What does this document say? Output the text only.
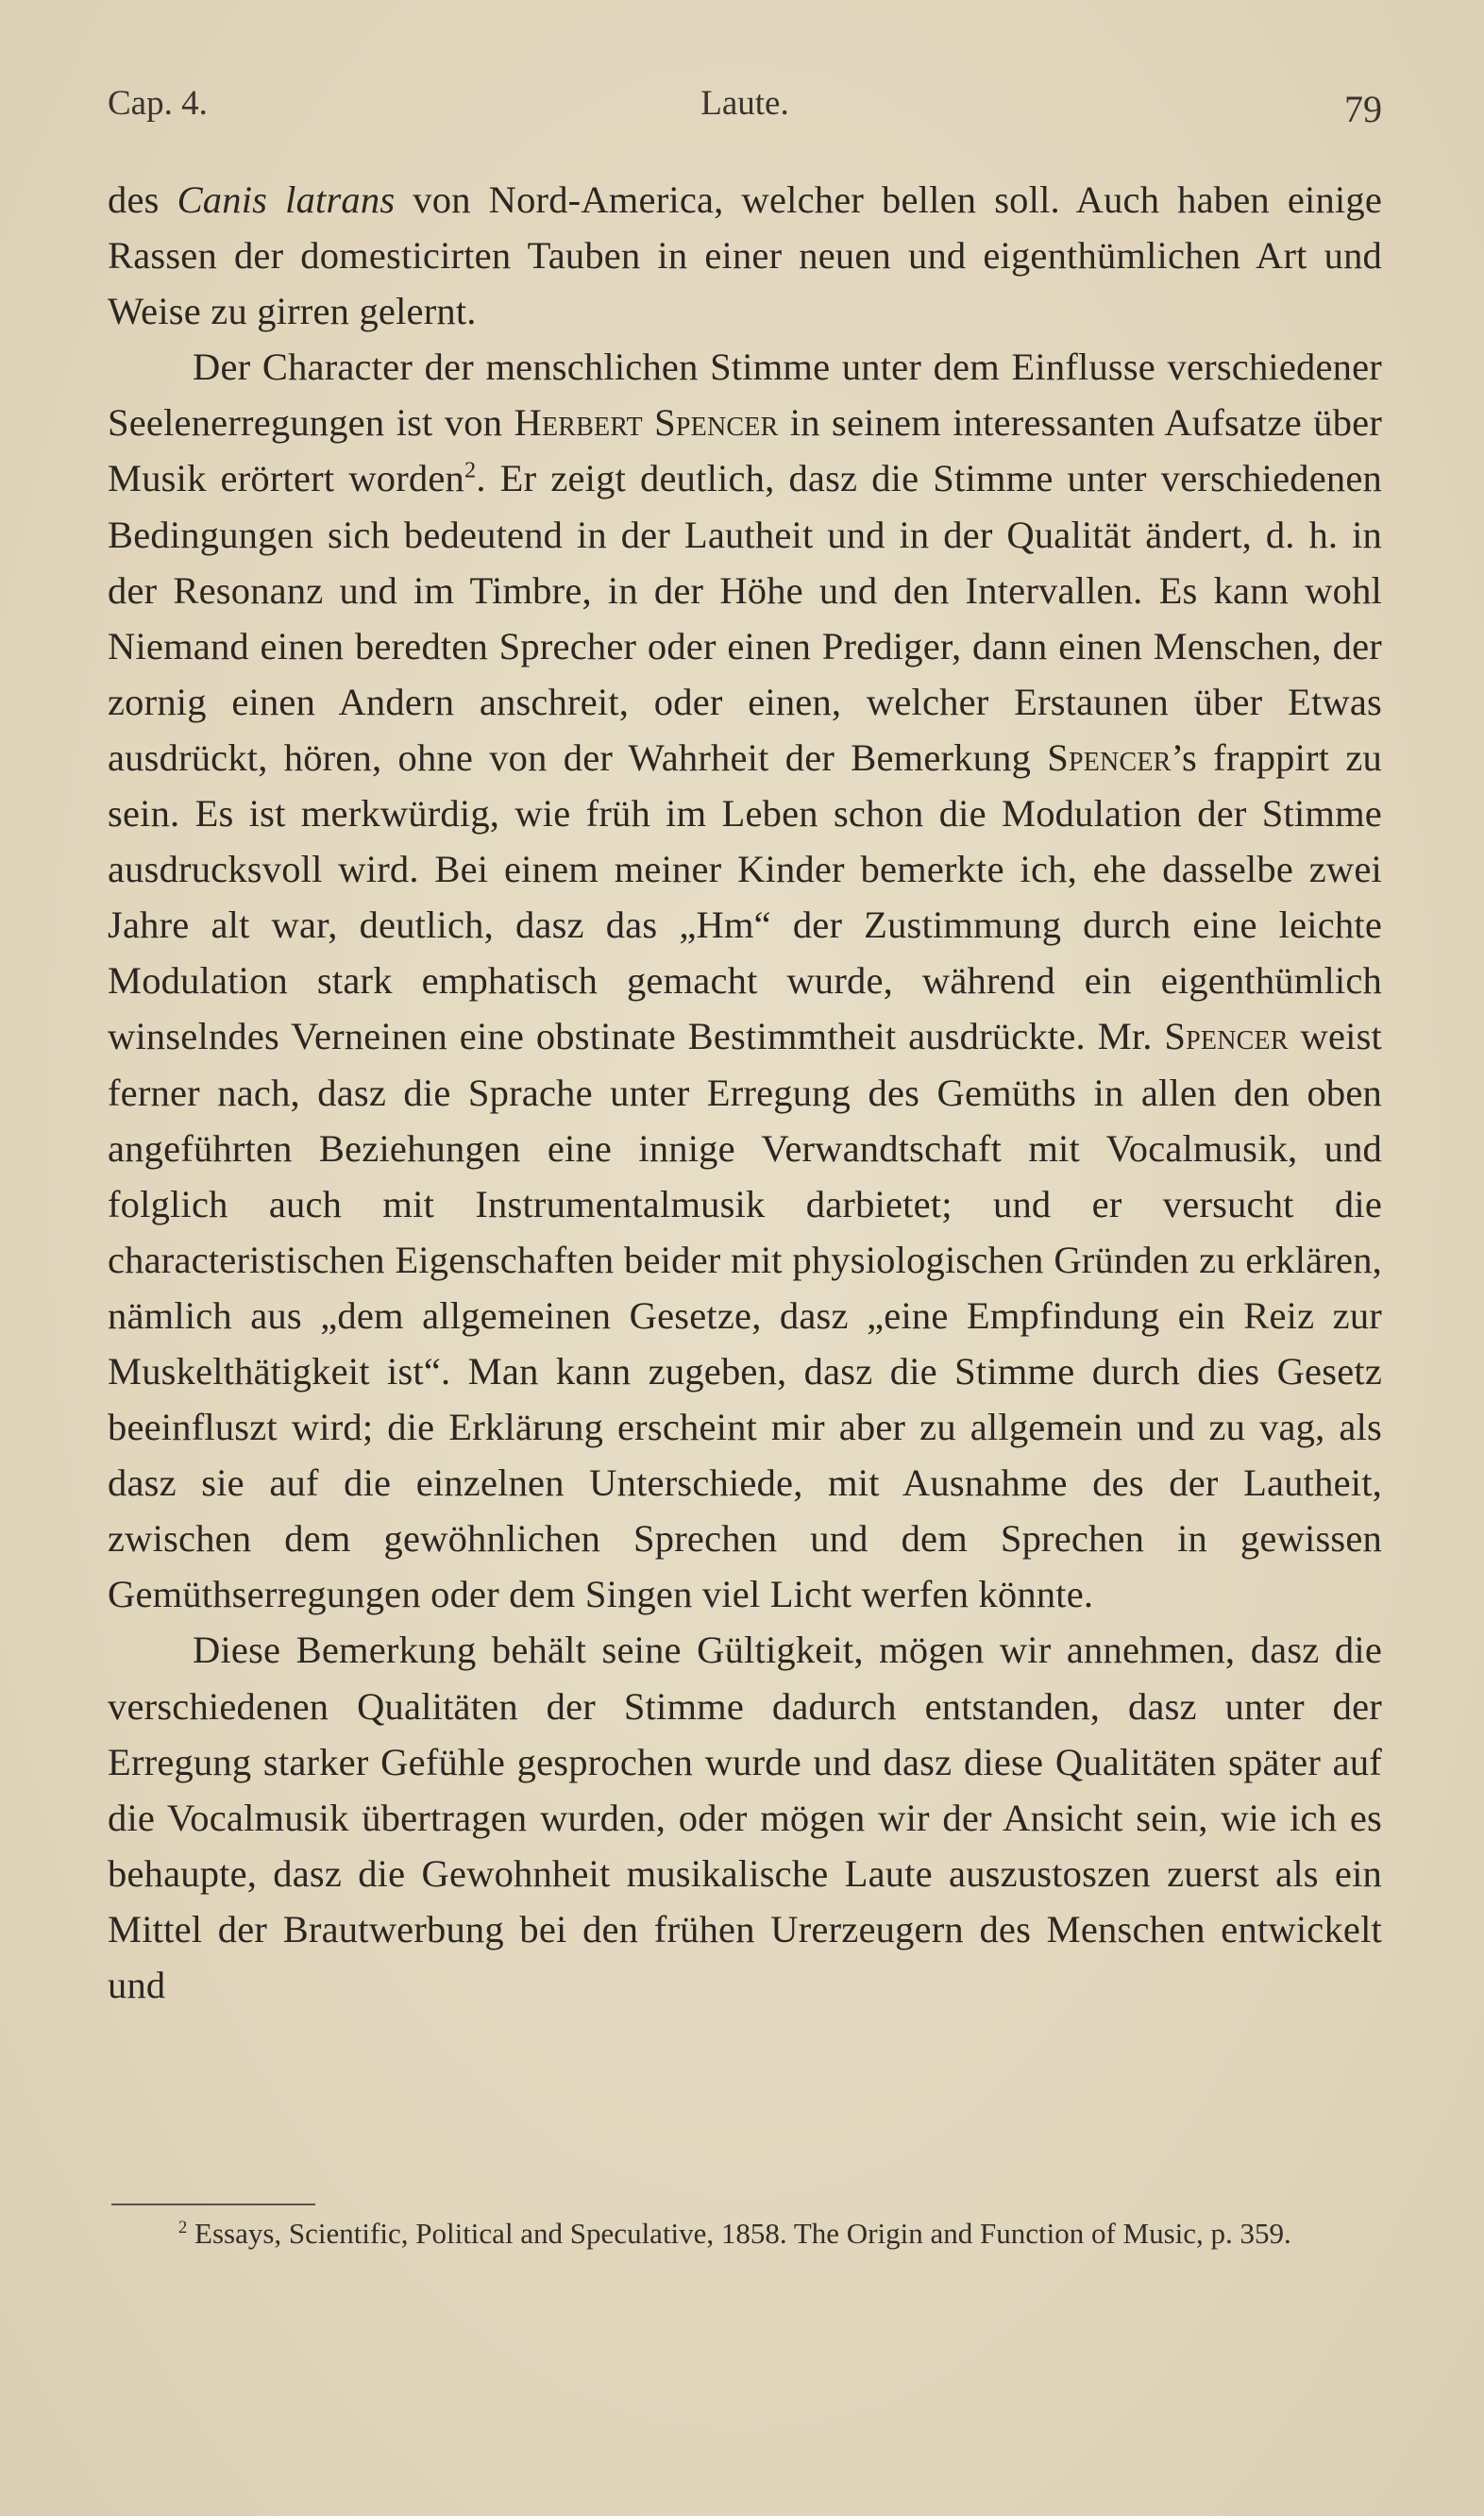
Cap. 4.	Laute.	79

des Canis latrans von Nord-America, welcher bellen soll. Auch haben einige Rassen der domesticirten Tauben in einer neuen und eigenthümlichen Art und Weise zu girren gelernt.

Der Character der menschlichen Stimme unter dem Einflusse verschiedener Seelenerregungen ist von Herbert Spencer in seinem interessanten Aufsatze über Musik erörtert worden$^2$. Er zeigt deutlich, dasz die Stimme unter verschiedenen Bedingungen sich bedeutend in der Lautheit und in der Qualität ändert, d. h. in der Resonanz und im Timbre, in der Höhe und den Intervallen. Es kann wohl Niemand einen beredten Sprecher oder einen Prediger, dann einen Menschen, der zornig einen Andern anschreit, oder einen, welcher Erstaunen über Etwas ausdrückt, hören, ohne von der Wahrheit der Bemerkung Spencer’s frappirt zu sein. Es ist merkwürdig, wie früh im Leben schon die Modulation der Stimme ausdrucksvoll wird. Bei einem meiner Kinder bemerkte ich, ehe dasselbe zwei Jahre alt war, deutlich, dasz das „Hm“ der Zustimmung durch eine leichte Modulation stark emphatisch gemacht wurde, während ein eigenthümlich winselndes Verneinen eine obstinate Bestimmtheit ausdrückte. Mr. Spencer weist ferner nach, dasz die Sprache unter Erregung des Gemüths in allen den oben angeführten Beziehungen eine innige Verwandtschaft mit Vocalmusik, und folglich auch mit Instrumentalmusik darbietet; und er versucht die characteristischen Eigenschaften beider mit physiologischen Gründen zu erklären, nämlich aus „dem allgemeinen Gesetze, dasz „eine Empfindung ein Reiz zur Muskelthätigkeit ist“. Man kann zugeben, dasz die Stimme durch dies Gesetz beeinfluszt wird; die Erklärung erscheint mir aber zu allgemein und zu vag, als dasz sie auf die einzelnen Unterschiede, mit Ausnahme des der Lautheit, zwischen dem gewöhnlichen Sprechen und dem Sprechen in gewissen Gemüthserregungen oder dem Singen viel Licht werfen könnte.

Diese Bemerkung behält seine Gültigkeit, mögen wir annehmen, dasz die verschiedenen Qualitäten der Stimme dadurch entstanden, dasz unter der Erregung starker Gefühle gesprochen wurde und dasz diese Qualitäten später auf die Vocalmusik übertragen wurden, oder mögen wir der Ansicht sein, wie ich es behaupte, dasz die Gewohnheit musikalische Laute auszustoszen zuerst als ein Mittel der Brautwerbung bei den frühen Urerzeugern des Menschen entwickelt und

$^2$ Essays, Scientific, Political and Speculative, 1858. The Origin and Function of Music, p. 359.
